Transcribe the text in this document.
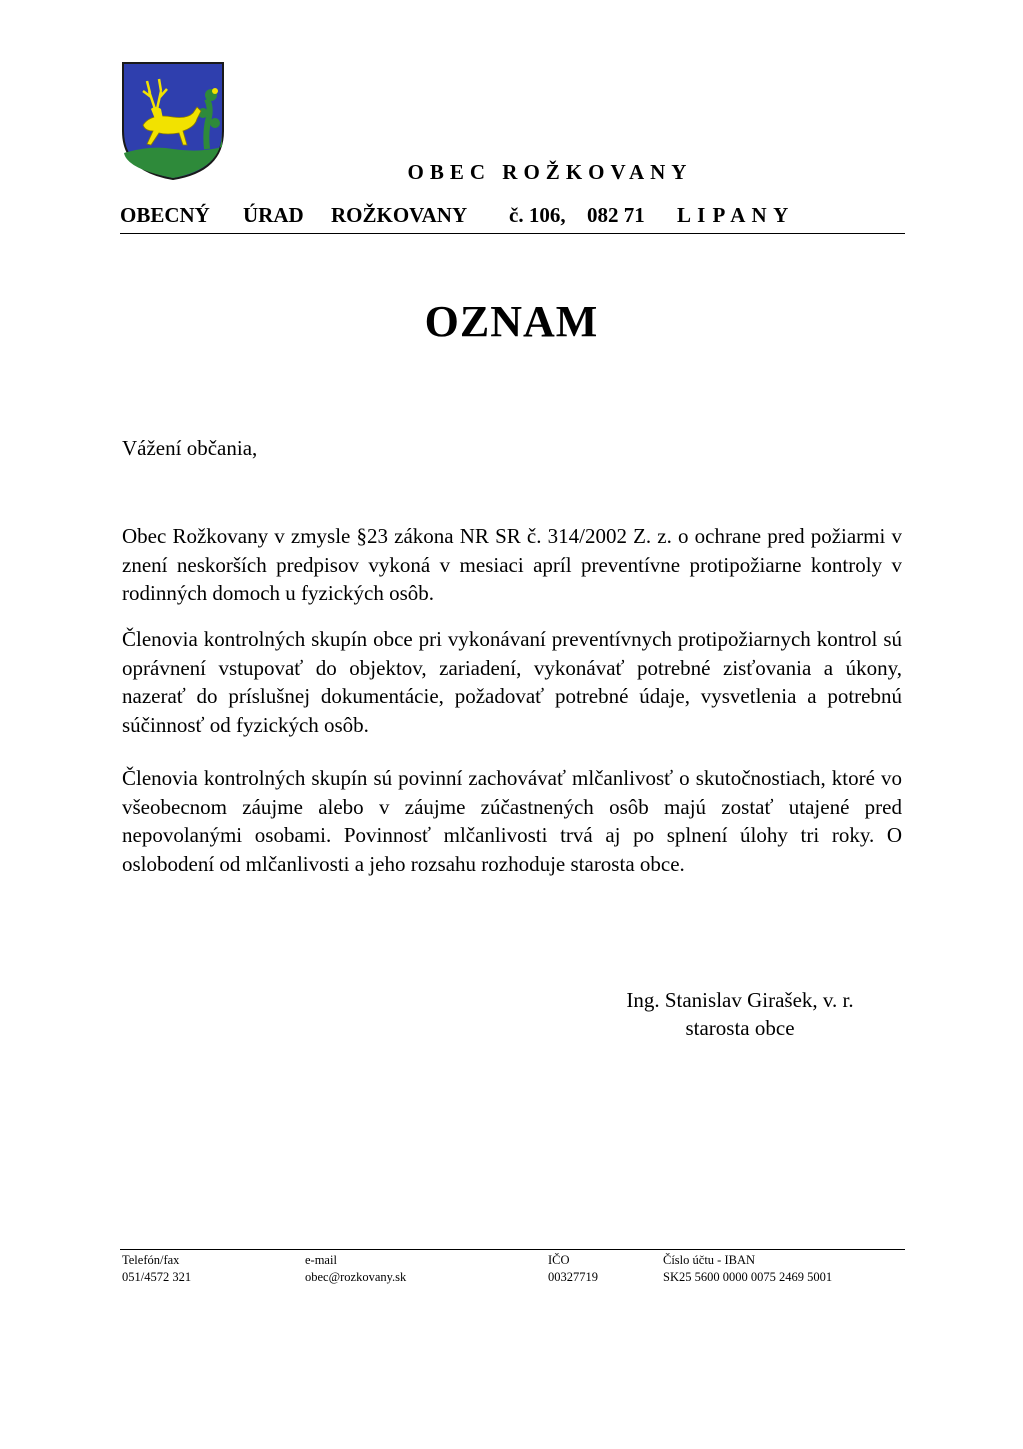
OBEC ROŽKOVANY
OBECNÝ ÚRAD ROŽKOVANY č. 106, 082 71 L I P A N Y
OZNAM
Vážení občania,
Obec Rožkovany v zmysle §23 zákona NR SR č. 314/2002 Z. z. o ochrane pred požiarmi v znení neskorších predpisov vykoná v mesiaci apríl preventívne protipožiarne kontroly v rodinných domoch u fyzických osôb.
Členovia kontrolných skupín obce pri vykonávaní preventívnych protipožiarnych kontrol sú oprávnení vstupovať do objektov, zariadení, vykonávať potrebné zisťovania a úkony, nazerať do príslušnej dokumentácie, požadovať potrebné údaje, vysvetlenia a potrebnú súčinnosť od fyzických osôb.
Členovia kontrolných skupín sú povinní zachovávať mlčanlivosť o skutočnostiach, ktoré vo všeobecnom záujme alebo v záujme zúčastnených osôb majú zostať utajené pred nepovolanými osobami. Povinnosť mlčanlivosti trvá aj po splnení úlohy tri roky. O oslobodení od mlčanlivosti a jeho rozsahu rozhoduje starosta obce.
Ing. Stanislav Girašek, v. r.
starosta obce
Telefón/fax
051/4572 321
e-mail
obec@rozkovany.sk
IČO
00327719
Číslo účtu - IBAN
SK25 5600 0000 0075 2469 5001
